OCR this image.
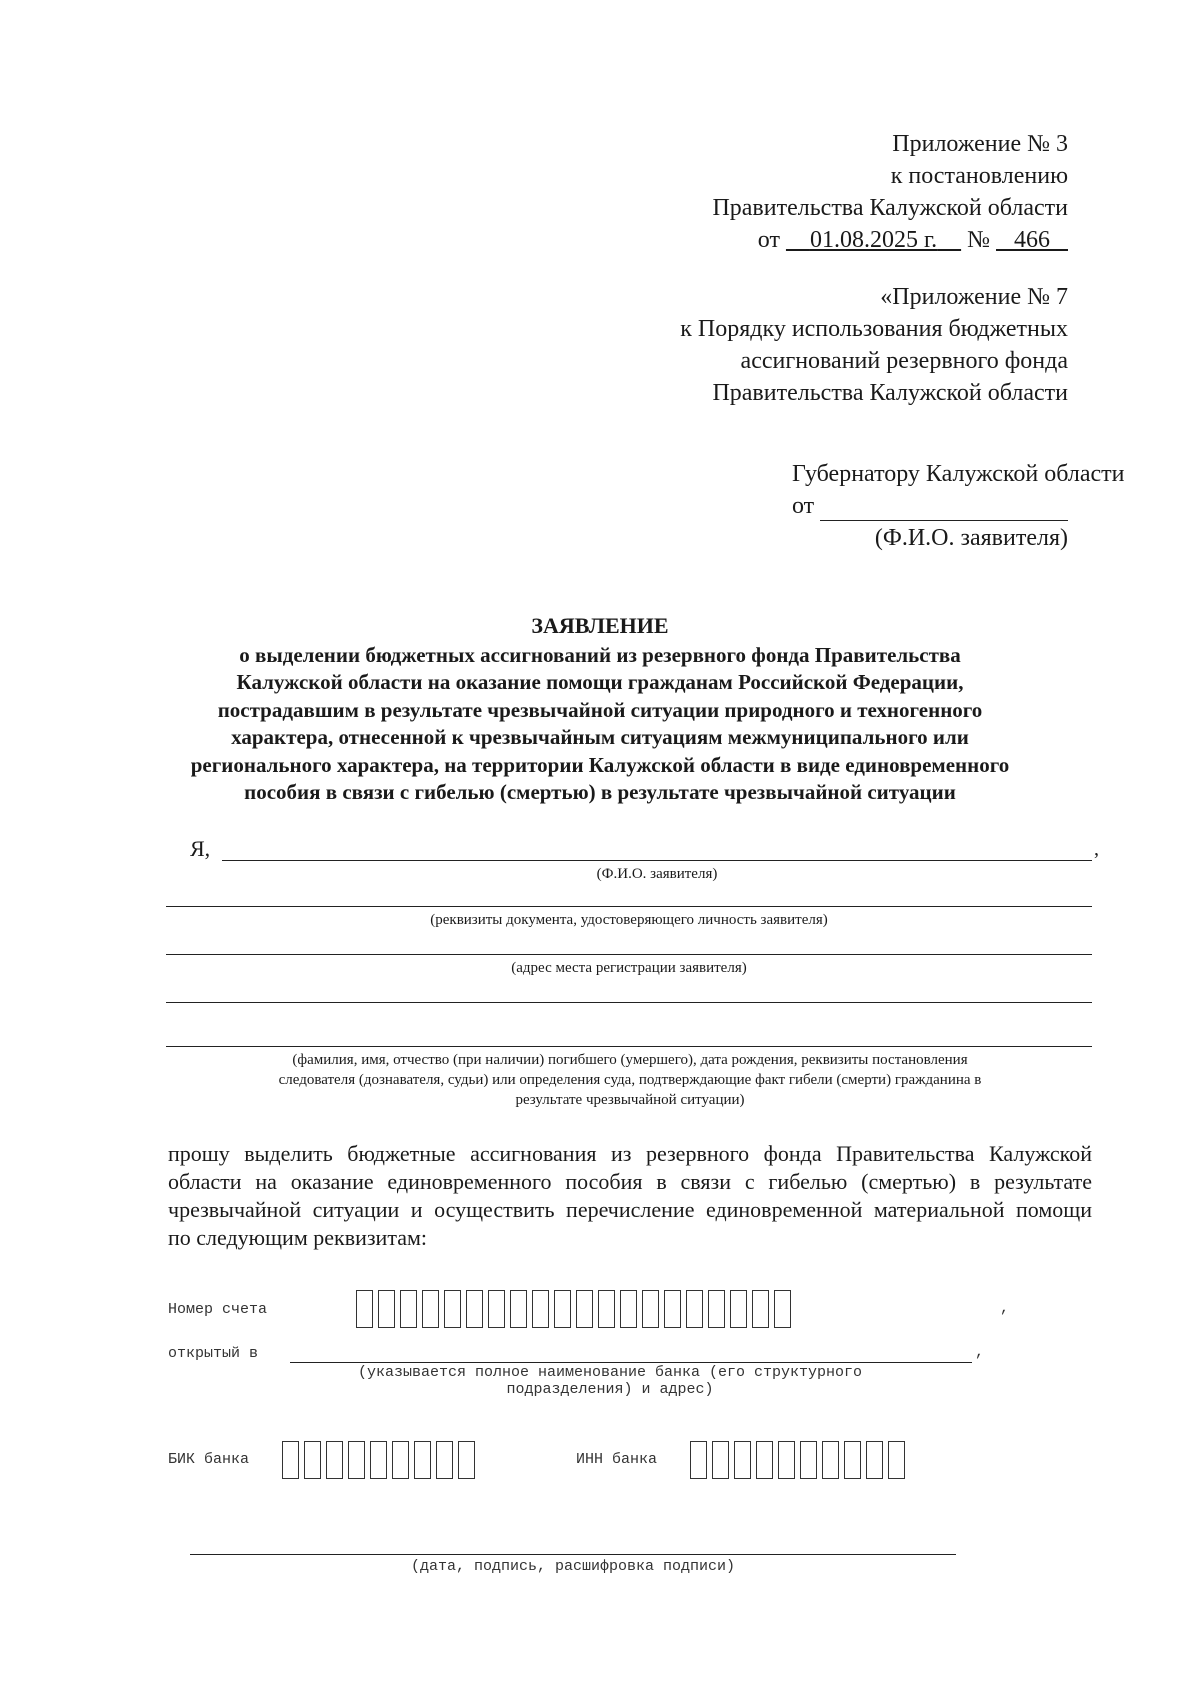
Приложение № 3
к постановлению
Правительства Калужской области
от 01.08.2025 г. № 466
«Приложение № 7
к Порядку использования бюджетных
ассигнований резервного фонда
Правительства Калужской области
Губернатору Калужской области
от
(Ф.И.О. заявителя)
ЗАЯВЛЕНИЕ
о выделении бюджетных ассигнований из резервного фонда Правительства
Калужской области на оказание помощи гражданам Российской Федерации,
пострадавшим в результате чрезвычайной ситуации природного и техногенного
характера, отнесенной к чрезвычайным ситуациям межмуниципального или
регионального характера, на территории Калужской области в виде единовременного
пособия в связи с гибелью (смертью) в результате чрезвычайной ситуации
Я,	,
(Ф.И.О. заявителя)
(реквизиты документа, удостоверяющего личность заявителя)
(адрес места регистрации заявителя)
(фамилия, имя, отчество (при наличии) погибшего (умершего), дата рождения, реквизиты постановления
следователя (дознавателя, судьи) или определения суда, подтверждающие факт гибели (смерти) гражданина в
результате чрезвычайной ситуации)
прошу выделить бюджетные ассигнования из резервного фонда Правительства Калужской
области на оказание единовременного пособия в связи с гибелью (смертью) в результате
чрезвычайной ситуации и осуществить перечисление единовременной материальной помощи
по следующим реквизитам:
Номер счета	,
открытый в	,
(указывается полное наименование банка (его структурного
подразделения) и адрес)
БИК банка	ИНН банка
(дата, подпись, расшифровка подписи)
